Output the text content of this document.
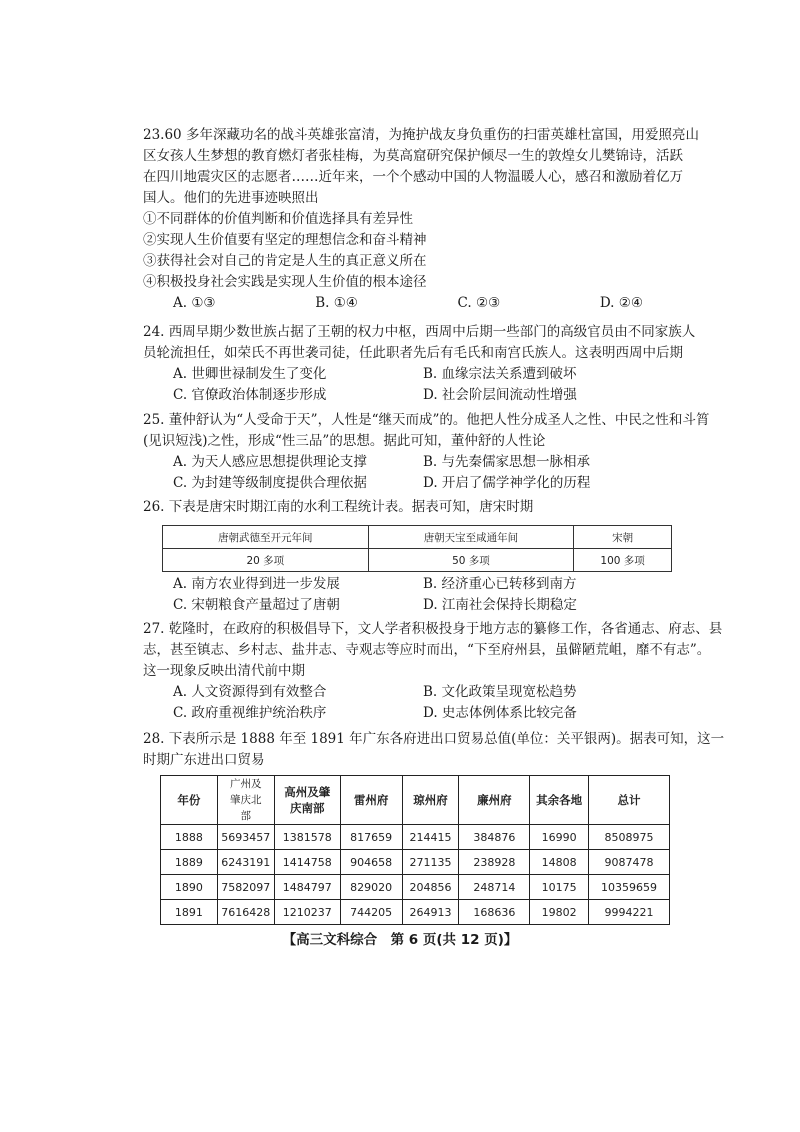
23.60 多年深藏功名的战斗英雄张富清，为掩护战友身负重伤的扫雷英雄杜富国，用爱照亮山
区女孩人生梦想的教育燃灯者张桂梅，为莫高窟研究保护倾尽一生的敦煌女儿樊锦诗，活跃
在四川地震灾区的志愿者……近年来，一个个感动中国的人物温暖人心，感召和激励着亿万
国人。他们的先进事迹映照出
①不同群体的价值判断和价值选择具有差异性
②实现人生价值要有坚定的理想信念和奋斗精神
③获得社会对自己的肯定是人生的真正意义所在
④积极投身社会实践是实现人生价值的根本途径
A. ①③	B. ①④	C. ②③	D. ②④
24. 西周早期少数世族占据了王朝的权力中枢，西周中后期一些部门的高级官员由不同家族人
员轮流担任，如荣氏不再世袭司徒，任此职者先后有毛氏和南宫氏族人。这表明西周中后期
A. 世卿世禄制发生了变化	B. 血缘宗法关系遭到破坏
C. 官僚政治体制逐步形成	D. 社会阶层间流动性增强
25. 董仲舒认为“人受命于天”，人性是“继天而成”的。他把人性分成圣人之性、中民之性和斗筲
(见识短浅)之性，形成“性三品”的思想。据此可知，董仲舒的人性论
A. 为天人感应思想提供理论支撑	B. 与先秦儒家思想一脉相承
C. 为封建等级制度提供合理依据	D. 开启了儒学神学化的历程
26. 下表是唐宋时期江南的水利工程统计表。据表可知，唐宋时期
唐朝武德至开元年间	唐朝天宝至咸通年间	宋朝
20 多项	50 多项	100 多项
A. 南方农业得到进一步发展	B. 经济重心已转移到南方
C. 宋朝粮食产量超过了唐朝	D. 江南社会保持长期稳定
27. 乾隆时，在政府的积极倡导下，文人学者积极投身于地方志的纂修工作，各省通志、府志、县
志，甚至镇志、乡村志、盐井志、寺观志等应时而出，“下至府州县，虽僻陋荒岨，靡不有志”。
这一现象反映出清代前中期
A. 人文资源得到有效整合	B. 文化政策呈现宽松趋势
C. 政府重视维护统治秩序	D. 史志体例体系比较完备
28. 下表所示是 1888 年至 1891 年广东各府进出口贸易总值(单位：关平银两)。据表可知，这一
时期广东进出口贸易
年份	广州及肇庆北部	高州及肇庆南部	雷州府	琼州府	廉州府	其余各地	总计
1888	5693457	1381578	817659	214415	384876	16990	8508975
1889	6243191	1414758	904658	271135	238928	14808	9087478
1890	7582097	1484797	829020	204856	248714	10175	10359659
1891	7616428	1210237	744205	264913	168636	19802	9994221
【高三文科综合　第 6 页(共 12 页)】
